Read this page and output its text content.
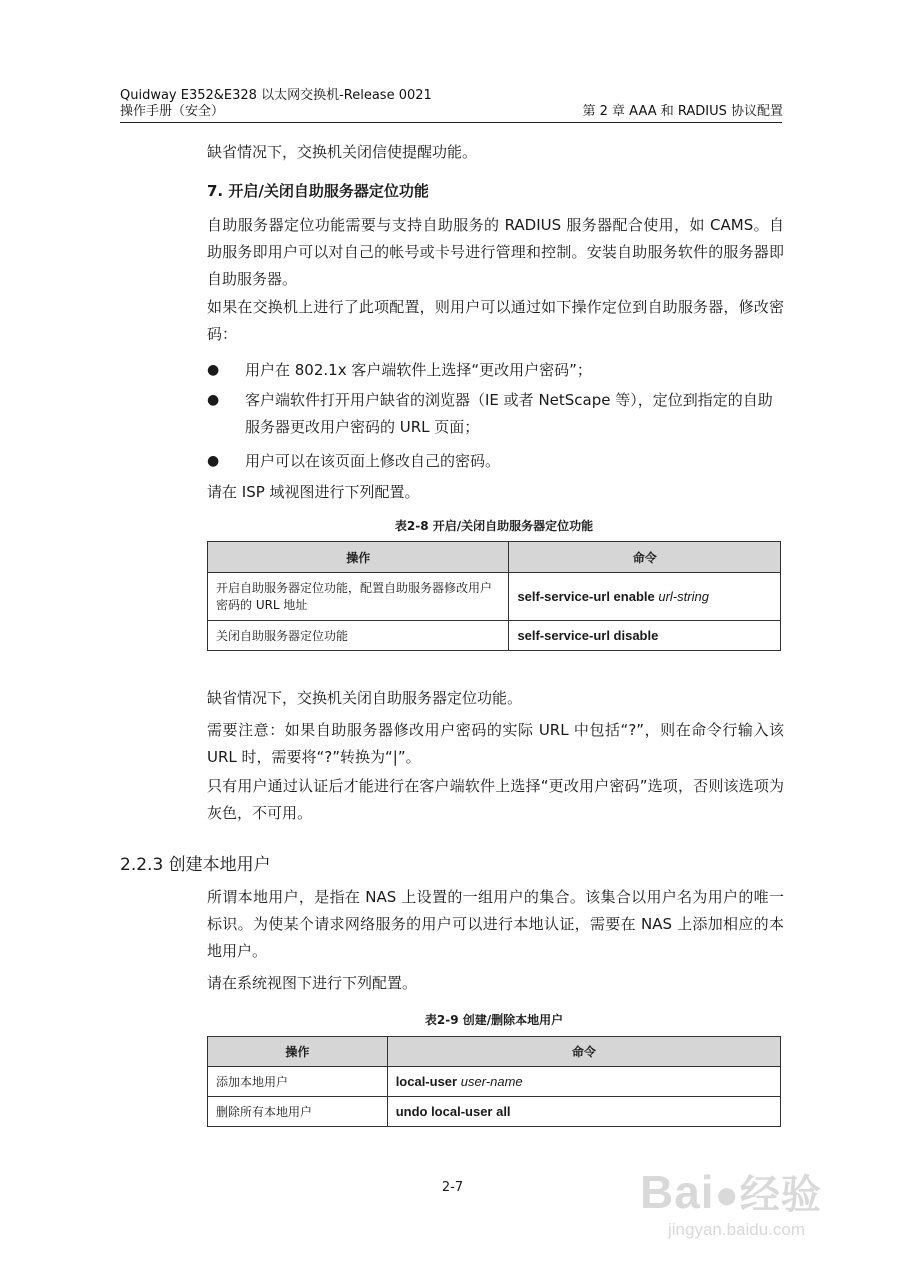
Quidway E352&E328 以太网交换机-Release 0021
操作手册（安全）	第 2 章 AAA 和 RADIUS 协议配置
缺省情况下，交换机关闭信使提醒功能。
7. 开启/关闭自助服务器定位功能
自助服务器定位功能需要与支持自助服务的 RADIUS 服务器配合使用，如 CAMS。自助服务即用户可以对自己的帐号或卡号进行管理和控制。安装自助服务软件的服务器即自助服务器。
如果在交换机上进行了此项配置，则用户可以通过如下操作定位到自助服务器，修改密码：
● 用户在 802.1x 客户端软件上选择“更改用户密码”；
● 客户端软件打开用户缺省的浏览器（IE 或者 NetScape 等），定位到指定的自助服务器更改用户密码的 URL 页面；
● 用户可以在该页面上修改自己的密码。
请在 ISP 域视图进行下列配置。
表2-8 开启/关闭自助服务器定位功能
操作	命令
开启自助服务器定位功能，配置自助服务器修改用户密码的 URL 地址	self-service-url enable url-string
关闭自助服务器定位功能	self-service-url disable
缺省情况下，交换机关闭自助服务器定位功能。
需要注意：如果自助服务器修改用户密码的实际 URL 中包括“?”，则在命令行输入该 URL 时，需要将“?”转换为“|”。
只有用户通过认证后才能进行在客户端软件上选择“更改用户密码”选项，否则该选项为灰色，不可用。
2.2.3 创建本地用户
所谓本地用户，是指在 NAS 上设置的一组用户的集合。该集合以用户名为用户的唯一标识。为使某个请求网络服务的用户可以进行本地认证，需要在 NAS 上添加相应的本地用户。
请在系统视图下进行下列配置。
表2-9 创建/删除本地用户
操作	命令
添加本地用户	local-user user-name
删除所有本地用户	undo local-user all
2-7	Bai●经验
jingyan.baidu.com
